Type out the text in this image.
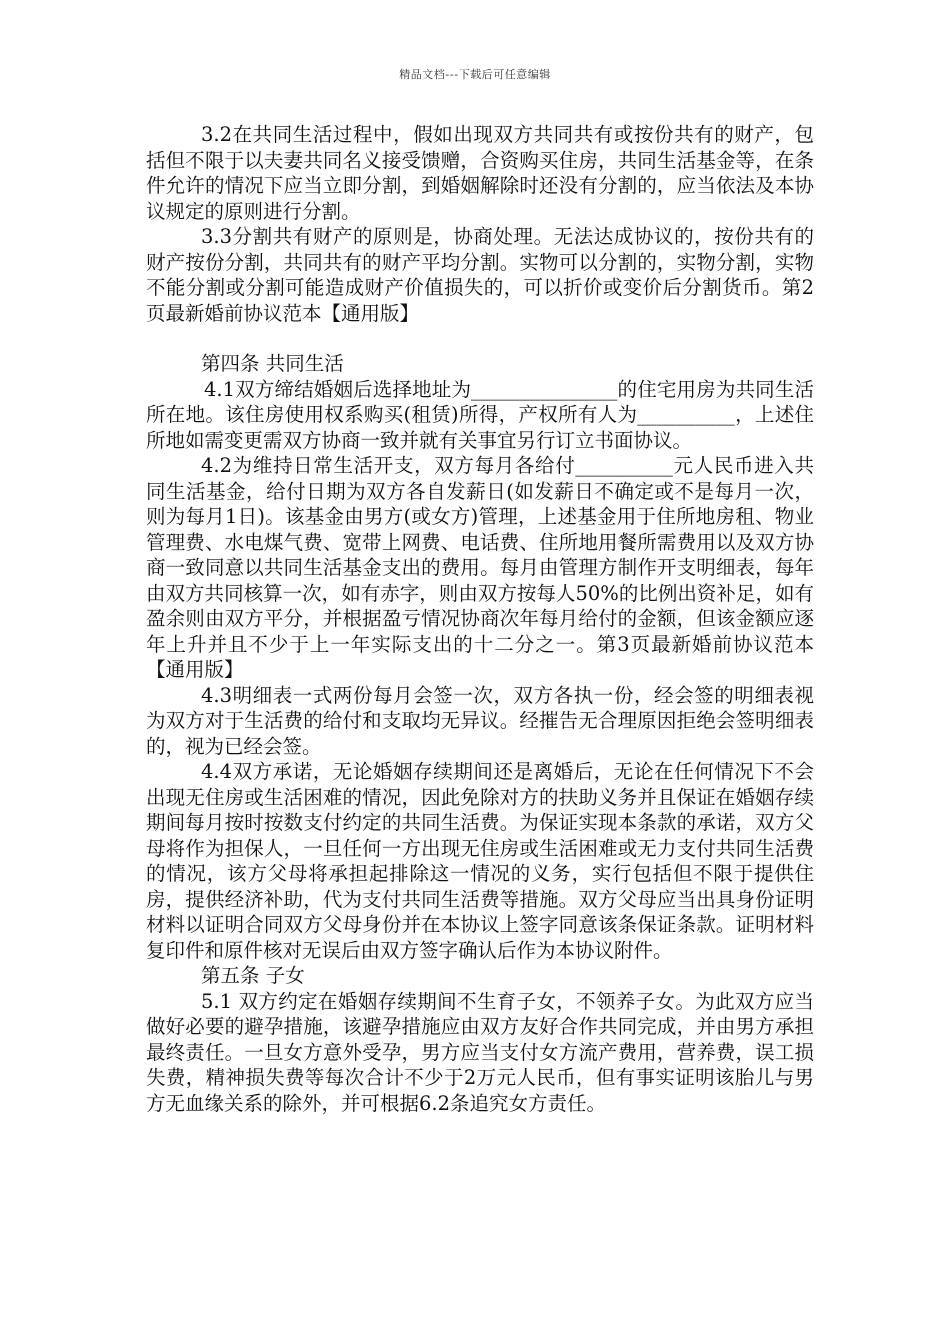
精品文档---下载后可任意编辑

3.2在共同生活过程中，假如出现双方共同共有或按份共有的财产，包括但不限于以夫妻共同名义接受馈赠，合资购买住房，共同生活基金等，在条件允许的情况下应当立即分割，到婚姻解除时还没有分割的，应当依法及本协议规定的原则进行分割。

3.3分割共有财产的原则是，协商处理。无法达成协议的，按份共有的财产按份分割，共同共有的财产平均分割。实物可以分割的，实物分割，实物不能分割或分割可能造成财产价值损失的，可以折价或变价后分割货币。第2页最新婚前协议范本【通用版】

第四条 共同生活

4.1双方缔结婚姻后选择地址为_______________的住宅用房为共同生活所在地。该住房使用权系购买(租赁)所得，产权所有人为__________，上述住所地如需变更需双方协商一致并就有关事宜另行订立书面协议。

4.2为维持日常生活开支，双方每月各给付__________元人民币进入共同生活基金，给付日期为双方各自发薪日(如发薪日不确定或不是每月一次，则为每月1日)。该基金由男方(或女方)管理，上述基金用于住所地房租、物业管理费、水电煤气费、宽带上网费、电话费、住所地用餐所需费用以及双方协商一致同意以共同生活基金支出的费用。每月由管理方制作开支明细表，每年由双方共同核算一次，如有赤字，则由双方按每人50%的比例出资补足，如有盈余则由双方平分，并根据盈亏情况协商次年每月给付的金额，但该金额应逐年上升并且不少于上一年实际支出的十二分之一。第3页最新婚前协议范本【通用版】

4.3明细表一式两份每月会签一次，双方各执一份，经会签的明细表视为双方对于生活费的给付和支取均无异议。经摧告无合理原因拒绝会签明细表的，视为已经会签。

4.4双方承诺，无论婚姻存续期间还是离婚后，无论在任何情况下不会出现无住房或生活困难的情况，因此免除对方的扶助义务并且保证在婚姻存续期间每月按时按数支付约定的共同生活费。为保证实现本条款的承诺，双方父母将作为担保人，一旦任何一方出现无住房或生活困难或无力支付共同生活费的情况，该方父母将承担起排除这一情况的义务，实行包括但不限于提供住房，提供经济补助，代为支付共同生活费等措施。双方父母应当出具身份证明材料以证明合同双方父母身份并在本协议上签字同意该条保证条款。证明材料复印件和原件核对无误后由双方签字确认后作为本协议附件。

第五条 子女

5.1 双方约定在婚姻存续期间不生育子女，不领养子女。为此双方应当做好必要的避孕措施，该避孕措施应由双方友好合作共同完成，并由男方承担最终责任。一旦女方意外受孕，男方应当支付女方流产费用，营养费，误工损失费，精神损失费等每次合计不少于2万元人民币，但有事实证明该胎儿与男方无血缘关系的除外，并可根据6.2条追究女方责任。
